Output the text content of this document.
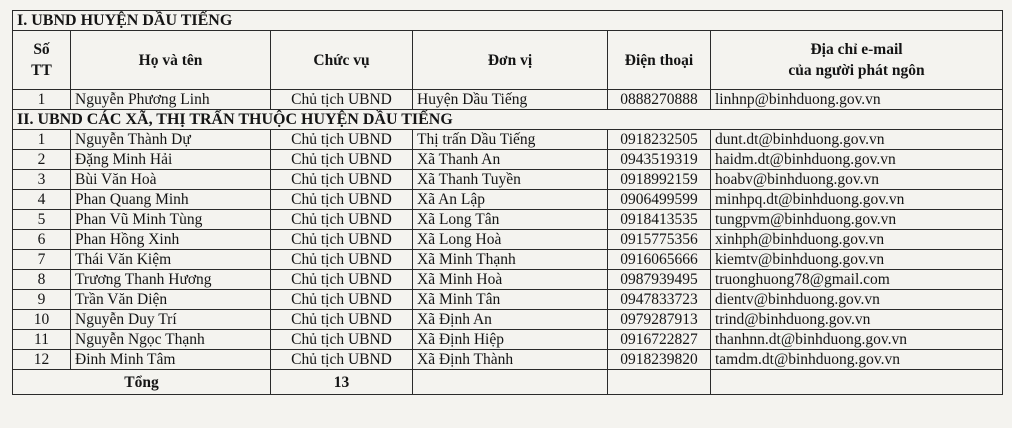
I. UBND HUYỆN DẦU TIẾNG					
Số
TT	Họ và tên	Chức vụ	Đơn vị	Điện thoại	Địa chỉ e-mail
của người phát ngôn
1	Nguyễn Phương Linh	Chủ tịch UBND	Huyện Dầu Tiếng	0888270888	linhnp@binhduong.gov.vn
II. UBND CÁC XÃ, THỊ TRẤN THUỘC HUYỆN DẦU TIẾNG					
1	Nguyễn Thành Dự	Chủ tịch UBND	Thị trấn Dầu Tiếng	0918232505	dunt.dt@binhduong.gov.vn
2	Đặng Minh Hải	Chủ tịch UBND	Xã Thanh An	0943519319	haidm.dt@binhduong.gov.vn
3	Bùi Văn Hoà	Chủ tịch UBND	Xã Thanh Tuyền	0918992159	hoabv@binhduong.gov.vn
4	Phan Quang Minh	Chủ tịch UBND	Xã An Lập	0906499599	minhpq.dt@binhduong.gov.vn
5	Phan Vũ Minh Tùng	Chủ tịch UBND	Xã Long Tân	0918413535	tungpvm@binhduong.gov.vn
6	Phan Hồng Xinh	Chủ tịch UBND	Xã Long Hoà	0915775356	xinhph@binhduong.gov.vn
7	Thái Văn Kiệm	Chủ tịch UBND	Xã Minh Thạnh	0916065666	kiemtv@binhduong.gov.vn
8	Trương Thanh Hương	Chủ tịch UBND	Xã Minh Hoà	0987939495	truonghuong78@gmail.com
9	Trần Văn Diện	Chủ tịch UBND	Xã Minh Tân	0947833723	dientv@binhduong.gov.vn
10	Nguyễn Duy Trí	Chủ tịch UBND	Xã Định An	0979287913	trind@binhduong.gov.vn
11	Nguyễn Ngọc Thạnh	Chủ tịch UBND	Xã Định Hiệp	0916722827	thanhnn.dt@binhduong.gov.vn
12	Đinh Minh Tâm	Chủ tịch UBND	Xã Định Thành	0918239820	tamdm.dt@binhduong.gov.vn
Tổng		13			
